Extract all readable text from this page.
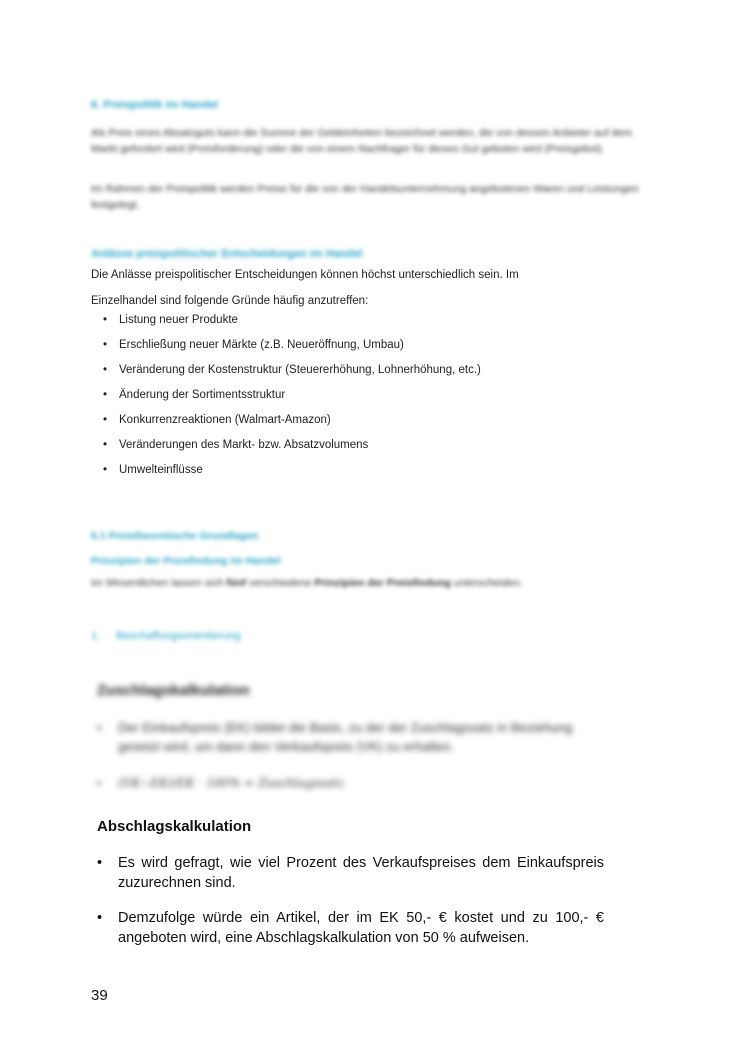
6. Preispolitik im Handel
Als Preis eines Absatzguts kann die Summe der Geldeinheiten bezeichnet werden, die von dessen Anbieter auf dem Markt gefordert wird (Preisforderung) oder die von einem Nachfrager für dieses Gut geboten wird (Preisgebot).
Im Rahmen der Preispolitik werden Preise für die von der Handelsunternehmung angebotenen Waren und Leistungen festgelegt.
Anlässe preispolitischer Entscheidungen im Handel
Die Anlässe preispolitischer Entscheidungen können höchst unterschiedlich sein. Im
Einzelhandel sind folgende Gründe häufig anzutreffen:
•	Listung neuer Produkte
•	Erschließung neuer Märkte (z.B. Neueröffnung, Umbau)
•	Veränderung der Kostenstruktur (Steuererhöhung, Lohnerhöhung, etc.)
•	Änderung der Sortimentsstruktur
•	Konkurrenzreaktionen (Walmart-Amazon)
•	Veränderungen des Markt- bzw. Absatzvolumens
•	Umwelteinflüsse
6.1 Preistheoretische Grundlagen
Prinzipien der Preisfindung im Handel
Im Wesentlichen lassen sich fünf verschiedene Prinzipien der Preisfindung unterscheiden.
1. Beschaffungsorientierung
Zuschlagskalkulation
•	Der Einkaufspreis (EK) bildet die Basis, zu der der Zuschlagssatz in Beziehung gesetzt wird, um dann den Verkaufspreis (VK) zu erhalten.
•	(VK−EK)/EK · 100% = Zuschlagssatz
Abschlagskalkulation
•	Es wird gefragt, wie viel Prozent des Verkaufspreises dem Einkaufspreis zuzurechnen sind.
•	Demzufolge würde ein Artikel, der im EK 50,- € kostet und zu 100,- € angeboten wird, eine Abschlagskalkulation von 50 % aufweisen.
39
